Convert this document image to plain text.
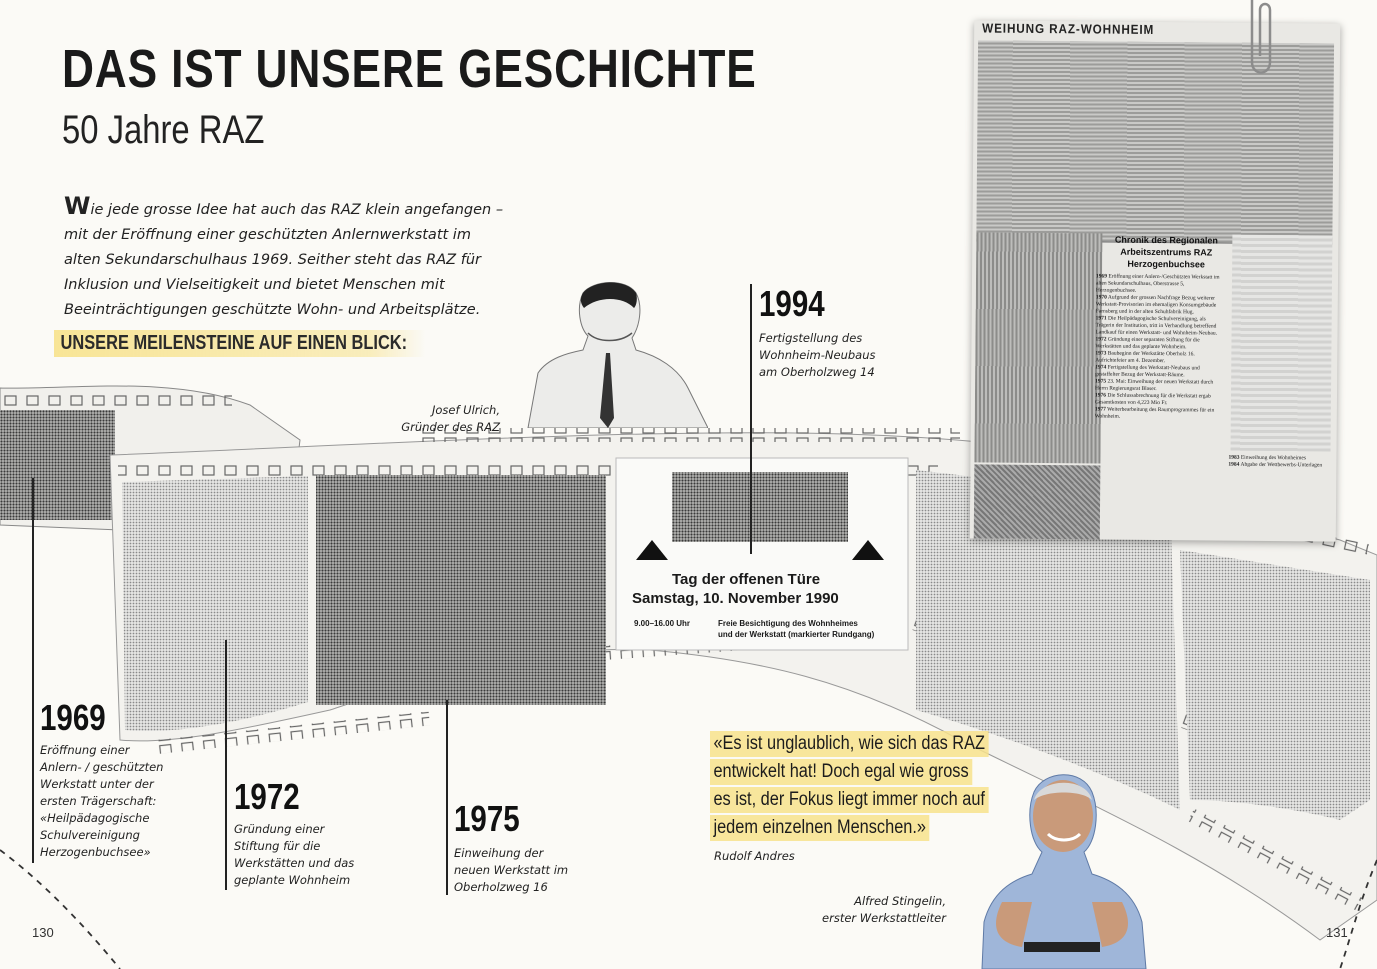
Tag der offenen Türe
Samstag, 10. November 1990
9.00–16.00 Uhr	Freie Besichtigung des Wohnheimes
und der Werkstatt (markierter Rundgang)
DAS IST UNSERE GESCHICHTE
50 Jahre RAZ
Wie jede grosse Idee hat auch das RAZ klein angefangen – mit der Eröffnung einer geschützten Anlernwerkstatt im alten Sekundarschulhaus 1969. Seither steht das RAZ für Inklusion und Vielseitigkeit und bietet Menschen mit Beeinträchtigungen geschützte Wohn- und Arbeitsplätze.
UNSERE MEILENSTEINE AUF EINEN BLICK:
Josef Ulrich,
Gründer des RAZ
WEIHUNG RAZ-WOHNHEIM
Chronik des Regionalen
Arbeitszentrums RAZ
Herzogenbuchsee
1969 Eröffnung einer Anlern-/Geschützten Werkstatt im alten Sekundarschulhaus, Oberstrasse 5, Herzogenbuchsee.
1970 Aufgrund der grossen Nachfrage Bezug weiterer Werkstatt-Provisorien im ehemaligen Konsumgebäude Farnsberg und in der alten Schuhfabrik Hug.
1971 Die Heilpädagogische Schulvereinigung, als Trägerin der Institution, tritt in Verhandlung betreffend Landkauf für einen Werkstatt- und Wohnheim-Neubau.
1972 Gründung einer separaten Stiftung für die Werkstätten und das geplante Wohnheim.
1973 Baubeginn der Werkstätte Oberholz 16. Aufrichtefeier am 4. Dezember.
1974 Fertigstellung des Werkstatt-Neubaus und gestaffelter Bezug der Werkstatt-Räume.
1975 23. Mai: Einweihung der neuen Werkstatt durch Herrn Regierungsrat Blaser.
1976 Die Schlussabrechnung für die Werkstatt ergab Gesamtkosten von 4,223 Mio Fr.
1977 Weiterbearbeitung des Raumprogrammes für ein Wohnheim.
1983 Einweihung des Wohnheimes
1984 Abgabe der Wettbewerbs-Unterlagen
1969
Eröffnung einer Anlern- / geschützten Werkstatt unter der ersten Trägerschaft: «Heilpädagogische Schulvereinigung Herzogenbuchsee»
1972
Gründung einer Stiftung für die Werkstätten und das geplante Wohnheim
1975
Einweihung der neuen Werkstatt im Oberholzweg 16
1994
Fertigstellung des Wohnheim-Neubaus am Oberholzweg 14
«Es ist unglaublich, wie sich das RAZ
entwickelt hat! Doch egal wie gross
es ist, der Fokus liegt immer noch auf
jedem einzelnen Menschen.»
Rudolf Andres
Alfred Stingelin,
erster Werkstattleiter
130	131
